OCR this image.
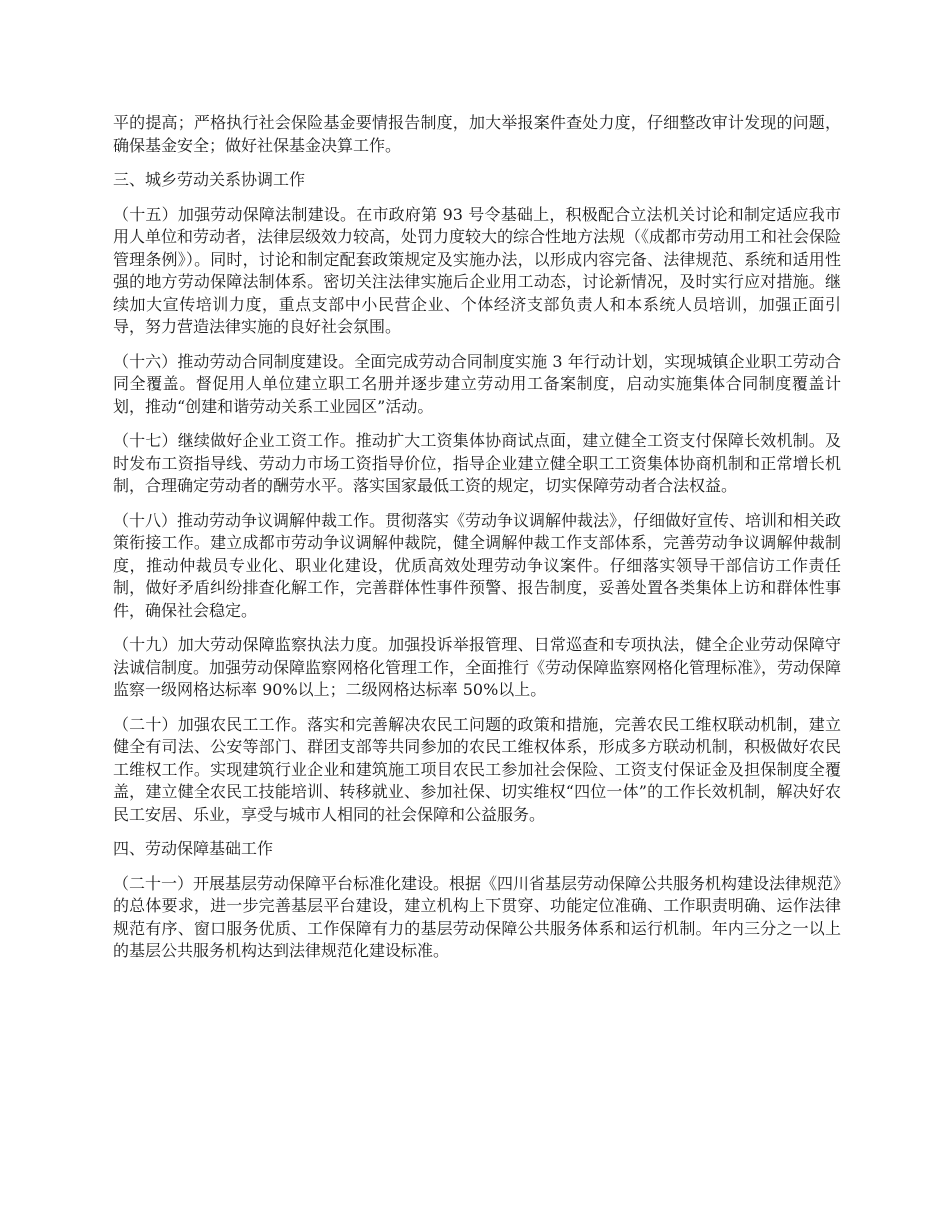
平的提高；严格执行社会保险基金要情报告制度，加大举报案件查处力度，仔细整改审计发现的问题，确保基金安全；做好社保基金决算工作。

三、城乡劳动关系协调工作

（十五）加强劳动保障法制建设。在市政府第 93 号令基础上，积极配合立法机关讨论和制定适应我市用人单位和劳动者，法律层级效力较高，处罚力度较大的综合性地方法规（《成都市劳动用工和社会保险管理条例》）。同时，讨论和制定配套政策规定及实施办法，以形成内容完备、法律规范、系统和适用性强的地方劳动保障法制体系。密切关注法律实施后企业用工动态，讨论新情况，及时实行应对措施。继续加大宣传培训力度，重点支部中小民营企业、个体经济支部负责人和本系统人员培训，加强正面引导，努力营造法律实施的良好社会氛围。

（十六）推动劳动合同制度建设。全面完成劳动合同制度实施 3 年行动计划，实现城镇企业职工劳动合同全覆盖。督促用人单位建立职工名册并逐步建立劳动用工备案制度，启动实施集体合同制度覆盖计划，推动“创建和谐劳动关系工业园区”活动。

（十七）继续做好企业工资工作。推动扩大工资集体协商试点面，建立健全工资支付保障长效机制。及时发布工资指导线、劳动力市场工资指导价位，指导企业建立健全职工工资集体协商机制和正常增长机制，合理确定劳动者的酬劳水平。落实国家最低工资的规定，切实保障劳动者合法权益。

（十八）推动劳动争议调解仲裁工作。贯彻落实《劳动争议调解仲裁法》，仔细做好宣传、培训和相关政策衔接工作。建立成都市劳动争议调解仲裁院，健全调解仲裁工作支部体系，完善劳动争议调解仲裁制度，推动仲裁员专业化、职业化建设，优质高效处理劳动争议案件。仔细落实领导干部信访工作责任制，做好矛盾纠纷排查化解工作，完善群体性事件预警、报告制度，妥善处置各类集体上访和群体性事件，确保社会稳定。

（十九）加大劳动保障监察执法力度。加强投诉举报管理、日常巡查和专项执法，健全企业劳动保障守法诚信制度。加强劳动保障监察网格化管理工作，全面推行《劳动保障监察网格化管理标准》，劳动保障监察一级网格达标率 90%以上；二级网格达标率 50%以上。

（二十）加强农民工工作。落实和完善解决农民工问题的政策和措施，完善农民工维权联动机制，建立健全有司法、公安等部门、群团支部等共同参加的农民工维权体系，形成多方联动机制，积极做好农民工维权工作。实现建筑行业企业和建筑施工项目农民工参加社会保险、工资支付保证金及担保制度全覆盖，建立健全农民工技能培训、转移就业、参加社保、切实维权“四位一体”的工作长效机制，解决好农民工安居、乐业，享受与城市人相同的社会保障和公益服务。

四、劳动保障基础工作

（二十一）开展基层劳动保障平台标准化建设。根据《四川省基层劳动保障公共服务机构建设法律规范》的总体要求，进一步完善基层平台建设，建立机构上下贯穿、功能定位准确、工作职责明确、运作法律规范有序、窗口服务优质、工作保障有力的基层劳动保障公共服务体系和运行机制。年内三分之一以上的基层公共服务机构达到法律规范化建设标准。
